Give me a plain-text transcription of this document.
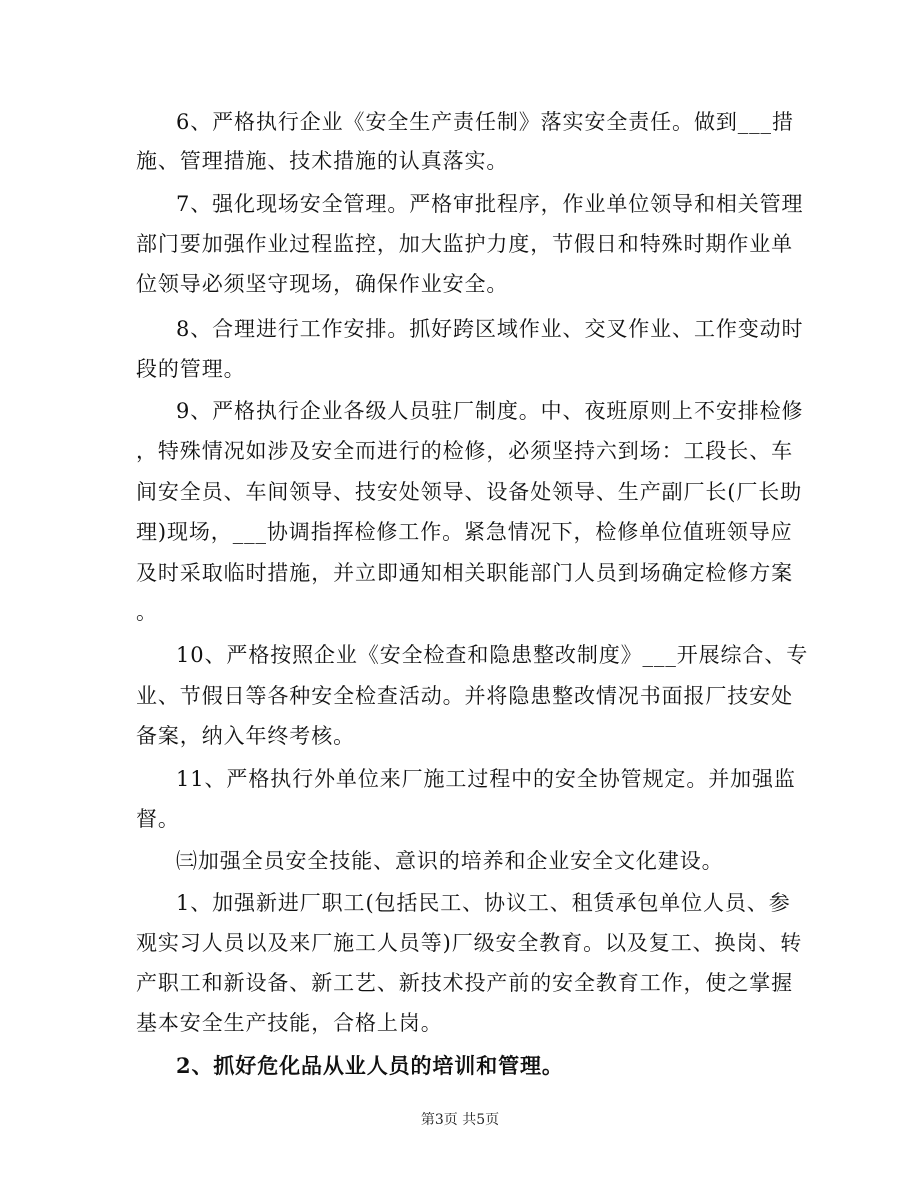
6、严格执行企业《安全生产责任制》落实安全责任。做到___措
施、管理措施、技术措施的认真落实。
7、强化现场安全管理。严格审批程序，作业单位领导和相关管理
部门要加强作业过程监控，加大监护力度，节假日和特殊时期作业单
位领导必须坚守现场，确保作业安全。
8、合理进行工作安排。抓好跨区域作业、交叉作业、工作变动时
段的管理。
9、严格执行企业各级人员驻厂制度。中、夜班原则上不安排检修
，特殊情况如涉及安全而进行的检修，必须坚持六到场：工段长、车
间安全员、车间领导、技安处领导、设备处领导、生产副厂长(厂长助
理)现场，___协调指挥检修工作。紧急情况下，检修单位值班领导应
及时采取临时措施，并立即通知相关职能部门人员到场确定检修方案
。
10、严格按照企业《安全检查和隐患整改制度》___开展综合、专
业、节假日等各种安全检查活动。并将隐患整改情况书面报厂技安处
备案，纳入年终考核。
11、严格执行外单位来厂施工过程中的安全协管规定。并加强监
督。
㈢加强全员安全技能、意识的培养和企业安全文化建设。
1、加强新进厂职工(包括民工、协议工、租赁承包单位人员、参
观实习人员以及来厂施工人员等)厂级安全教育。以及复工、换岗、转
产职工和新设备、新工艺、新技术投产前的安全教育工作，使之掌握
基本安全生产技能，合格上岗。
2、抓好危化品从业人员的培训和管理。
第3页 共5页
